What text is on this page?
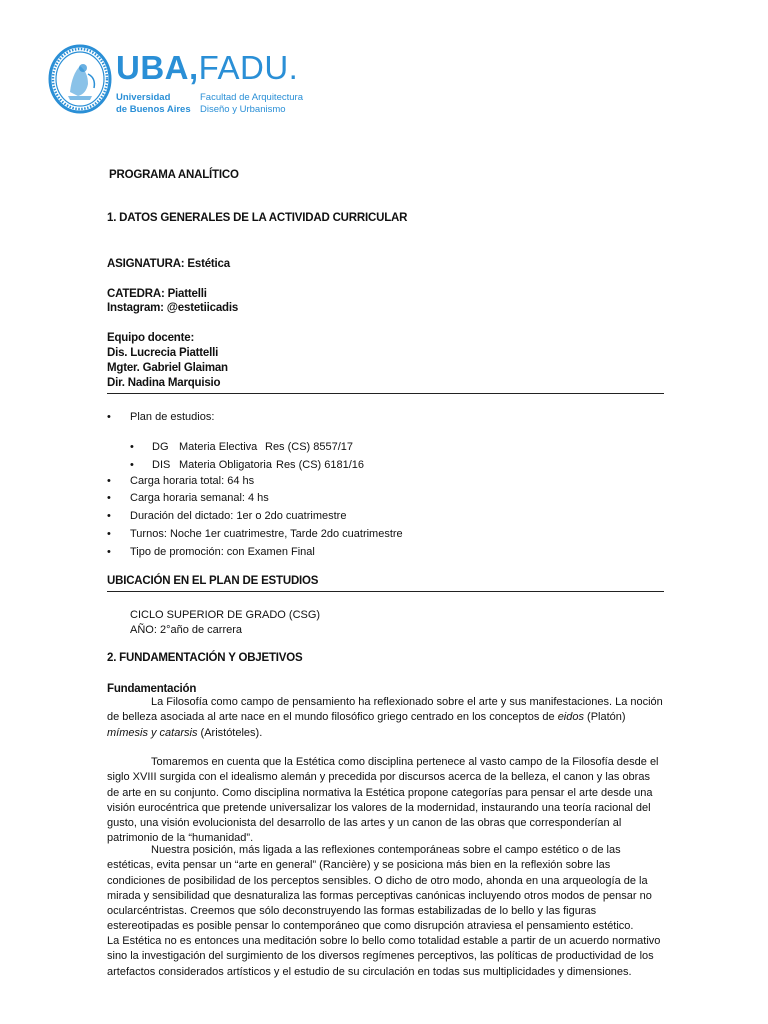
UBA,FADU.
Universidad
de Buenos Aires
Facultad de Arquitectura
Diseño y Urbanismo
PROGRAMA ANALÍTICO
1. DATOS GENERALES DE LA ACTIVIDAD CURRICULAR
ASIGNATURA: Estética
CATEDRA: Piattelli
Instagram: @estetiicadis
Equipo docente:
Dis. Lucrecia Piattelli
Mgter. Gabriel Glaiman
Dir. Nadina Marquisio
• Plan de estudios:
• DG Materia Electiva Res (CS) 8557/17
• DIS Materia Obligatoria Res (CS) 6181/16
• Carga horaria total: 64 hs
• Carga horaria semanal: 4 hs
• Duración del dictado: 1er o 2do cuatrimestre
• Turnos: Noche 1er cuatrimestre, Tarde 2do cuatrimestre
• Tipo de promoción: con Examen Final
UBICACIÓN EN EL PLAN DE ESTUDIOS
CICLO SUPERIOR DE GRADO (CSG)
AÑO: 2°año de carrera
2. FUNDAMENTACIÓN Y OBJETIVOS
Fundamentación
La Filosofía como campo de pensamiento ha reflexionado sobre el arte y sus manifestaciones. La noción de belleza asociada al arte nace en el mundo filosófico griego centrado en los conceptos de eidos (Platón) mímesis y catarsis (Aristóteles).
Tomaremos en cuenta que la Estética como disciplina pertenece al vasto campo de la Filosofía desde el siglo XVIII surgida con el idealismo alemán y precedida por discursos acerca de la belleza, el canon y las obras de arte en su conjunto. Como disciplina normativa la Estética propone categorías para pensar el arte desde una visión eurocéntrica que pretende universalizar los valores de la modernidad, instaurando una teoría racional del gusto, una visión evolucionista del desarrollo de las artes y un canon de las obras que corresponderían al patrimonio de la “humanidad”.
Nuestra posición, más ligada a las reflexiones contemporáneas sobre el campo estético o de las estéticas, evita pensar un “arte en general” (Rancière) y se posiciona más bien en la reflexión sobre las condiciones de posibilidad de los perceptos sensibles. O dicho de otro modo, ahonda en una arqueología de la mirada y sensibilidad que desnaturaliza las formas perceptivas canónicas incluyendo otros modos de pensar no ocularcéntristas. Creemos que sólo deconstruyendo las formas estabilizadas de lo bello y las figuras estereotipadas es posible pensar lo contemporáneo que como disrupción atraviesa el pensamiento estético.
La Estética no es entonces una meditación sobre lo bello como totalidad estable a partir de un acuerdo normativo sino la investigación del surgimiento de los diversos regímenes perceptivos, las políticas de productividad de los artefactos considerados artísticos y el estudio de su circulación en todas sus multiplicidades y dimensiones.
